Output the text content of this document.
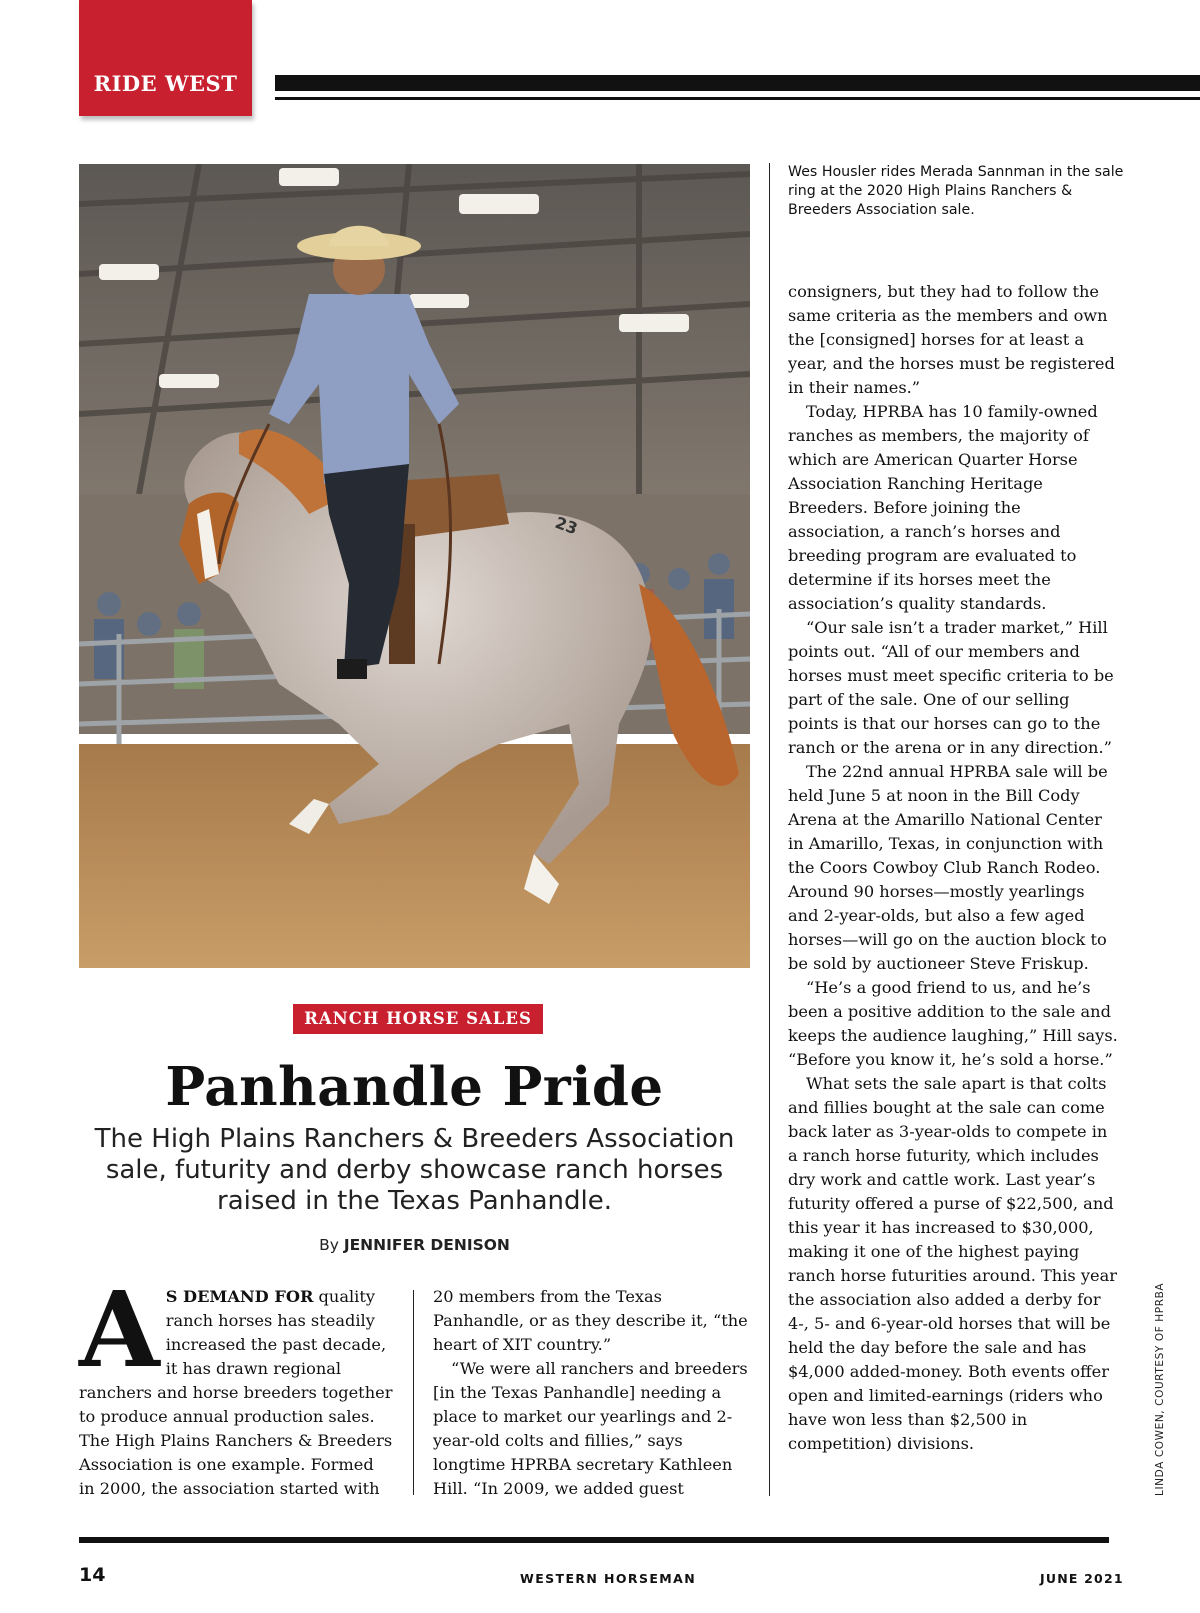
RIDE WEST
23
Wes Housler rides Merada Sannman in the sale ring at the 2020 High Plains Ranchers & Breeders Association sale.
RANCH HORSE SALES
Panhandle Pride
The High Plains Ranchers & Breeders Association sale, futurity and derby showcase ranch horses raised in the Texas Panhandle.
By JENNIFER DENISON
A S DEMAND FOR quality ranch horses has steadily increased the past decade, it has drawn regional ranchers and horse breeders together to produce annual production sales. The High Plains Ranchers & Breeders Association is one example. Formed in 2000, the association started with

20 members from the Texas Panhandle, or as they describe it, “the heart of XIT country.”

“We were all ranchers and breeders [in the Texas Panhandle] needing a place to market our yearlings and 2-year-old colts and fillies,” says longtime HPRBA secretary Kathleen Hill. “In 2009, we added guest

consigners, but they had to follow the same criteria as the members and own the [consigned] horses for at least a year, and the horses must be registered in their names.”

Today, HPRBA has 10 family-owned ranches as members, the majority of which are American Quarter Horse Association Ranching Heritage Breeders. Before joining the association, a ranch’s horses and breeding program are evaluated to determine if its horses meet the association’s quality standards.

“Our sale isn’t a trader market,” Hill points out. “All of our members and horses must meet specific criteria to be part of the sale. One of our selling points is that our horses can go to the ranch or the arena or in any direction.”

The 22nd annual HPRBA sale will be held June 5 at noon in the Bill Cody Arena at the Amarillo National Center in Amarillo, Texas, in conjunction with the Coors Cowboy Club Ranch Rodeo. Around 90 horses—mostly yearlings and 2-year-olds, but also a few aged horses—will go on the auction block to be sold by auctioneer Steve Friskup.

“He’s a good friend to us, and he’s been a positive addition to the sale and keeps the audience laughing,” Hill says. “Before you know it, he’s sold a horse.”

What sets the sale apart is that colts and fillies bought at the sale can come back later as 3-year-olds to compete in a ranch horse futurity, which includes dry work and cattle work. Last year’s futurity offered a purse of $22,500, and this year it has increased to $30,000, making it one of the highest paying ranch horse futurities around. This year the association also added a derby for 4-, 5- and 6-year-old horses that will be held the day before the sale and has $4,000 added-money. Both events offer open and limited-earnings (riders who have won less than $2,500 in competition) divisions.	LINDA COWEN, COURTESY OF HPRBA
14	WESTERN HORSEMAN	JUNE 2021
